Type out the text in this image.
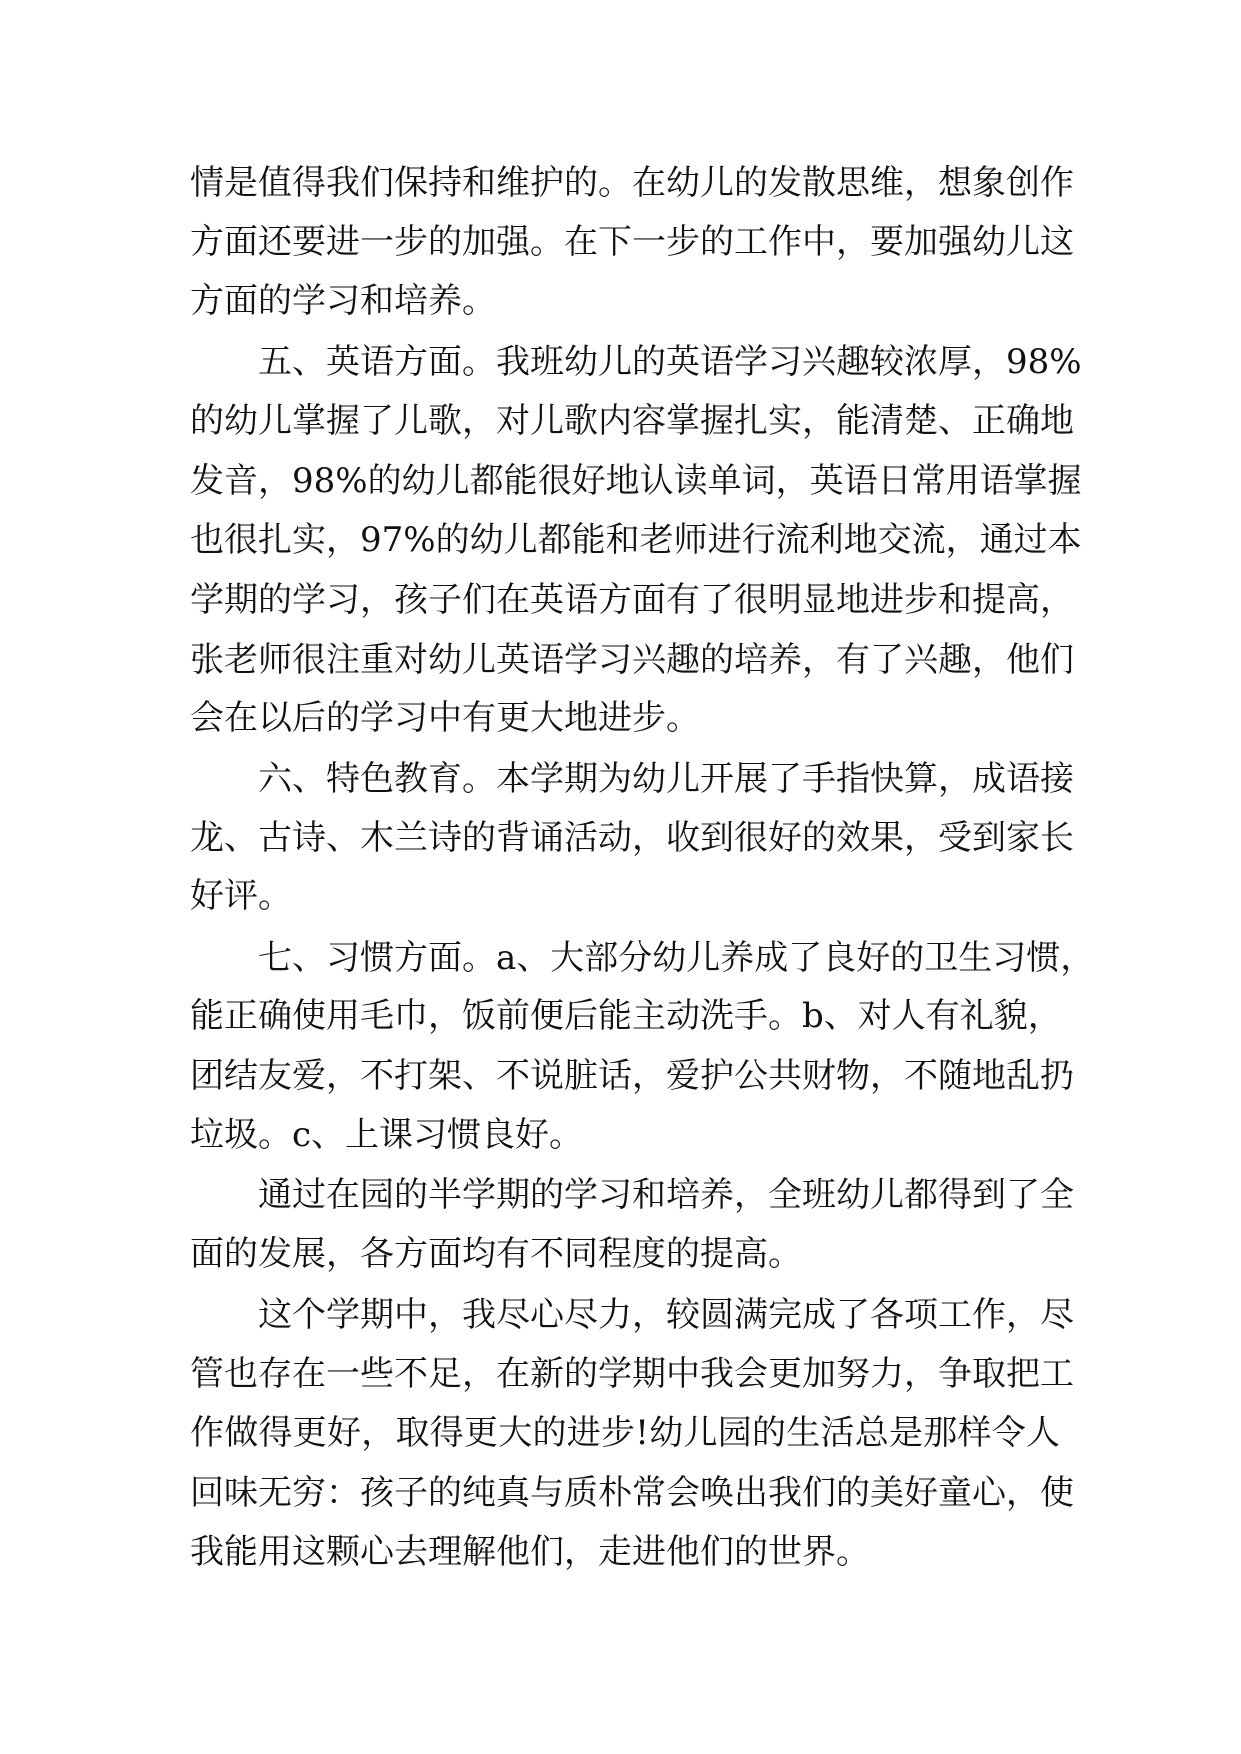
情是值得我们保持和维护的。在幼儿的发散思维，想象创作
方面还要进一步的加强。在下一步的工作中，要加强幼儿这
方面的学习和培养。
五、英语方面。我班幼儿的英语学习兴趣较浓厚，98%
的幼儿掌握了儿歌，对儿歌内容掌握扎实，能清楚、正确地
发音，98%的幼儿都能很好地认读单词，英语日常用语掌握
也很扎实，97%的幼儿都能和老师进行流利地交流，通过本
学期的学习，孩子们在英语方面有了很明显地进步和提高，
张老师很注重对幼儿英语学习兴趣的培养，有了兴趣，他们
会在以后的学习中有更大地进步。
六、特色教育。本学期为幼儿开展了手指快算，成语接
龙、古诗、木兰诗的背诵活动，收到很好的效果，受到家长
好评。
七、习惯方面。a、大部分幼儿养成了良好的卫生习惯，
能正确使用毛巾，饭前便后能主动洗手。b、对人有礼貌，
团结友爱，不打架、不说脏话，爱护公共财物，不随地乱扔
垃圾。c、上课习惯良好。
通过在园的半学期的学习和培养，全班幼儿都得到了全
面的发展，各方面均有不同程度的提高。
这个学期中，我尽心尽力，较圆满完成了各项工作，尽
管也存在一些不足，在新的学期中我会更加努力，争取把工
作做得更好，取得更大的进步!幼儿园的生活总是那样令人
回味无穷：孩子的纯真与质朴常会唤出我们的美好童心，使
我能用这颗心去理解他们，走进他们的世界。
